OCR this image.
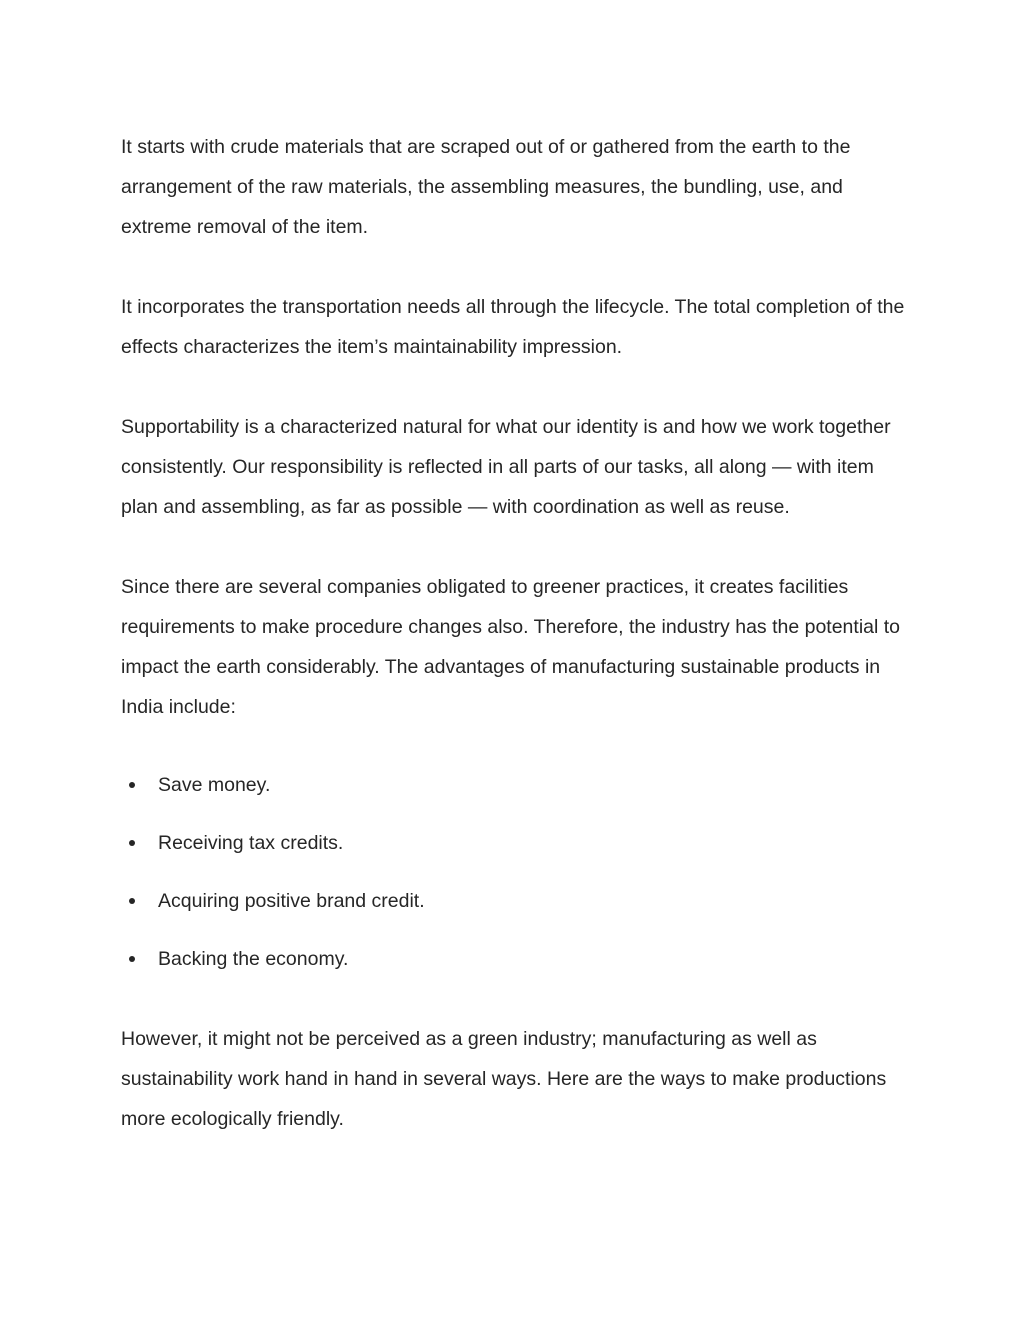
It starts with crude materials that are scraped out of or gathered from the earth to the arrangement of the raw materials, the assembling measures, the bundling, use, and extreme removal of the item.

It incorporates the transportation needs all through the lifecycle. The total completion of the effects characterizes the item’s maintainability impression.

Supportability is a characterized natural for what our identity is and how we work together consistently. Our responsibility is reflected in all parts of our tasks, all along — with item plan and assembling, as far as possible — with coordination as well as reuse.

Since there are several companies obligated to greener practices, it creates facilities requirements to make procedure changes also. Therefore, the industry has the potential to impact the earth considerably. The advantages of manufacturing sustainable products in India include:

Save money.
Receiving tax credits.
Acquiring positive brand credit.
Backing the economy.

However, it might not be perceived as a green industry; manufacturing as well as sustainability work hand in hand in several ways. Here are the ways to make productions more ecologically friendly.
